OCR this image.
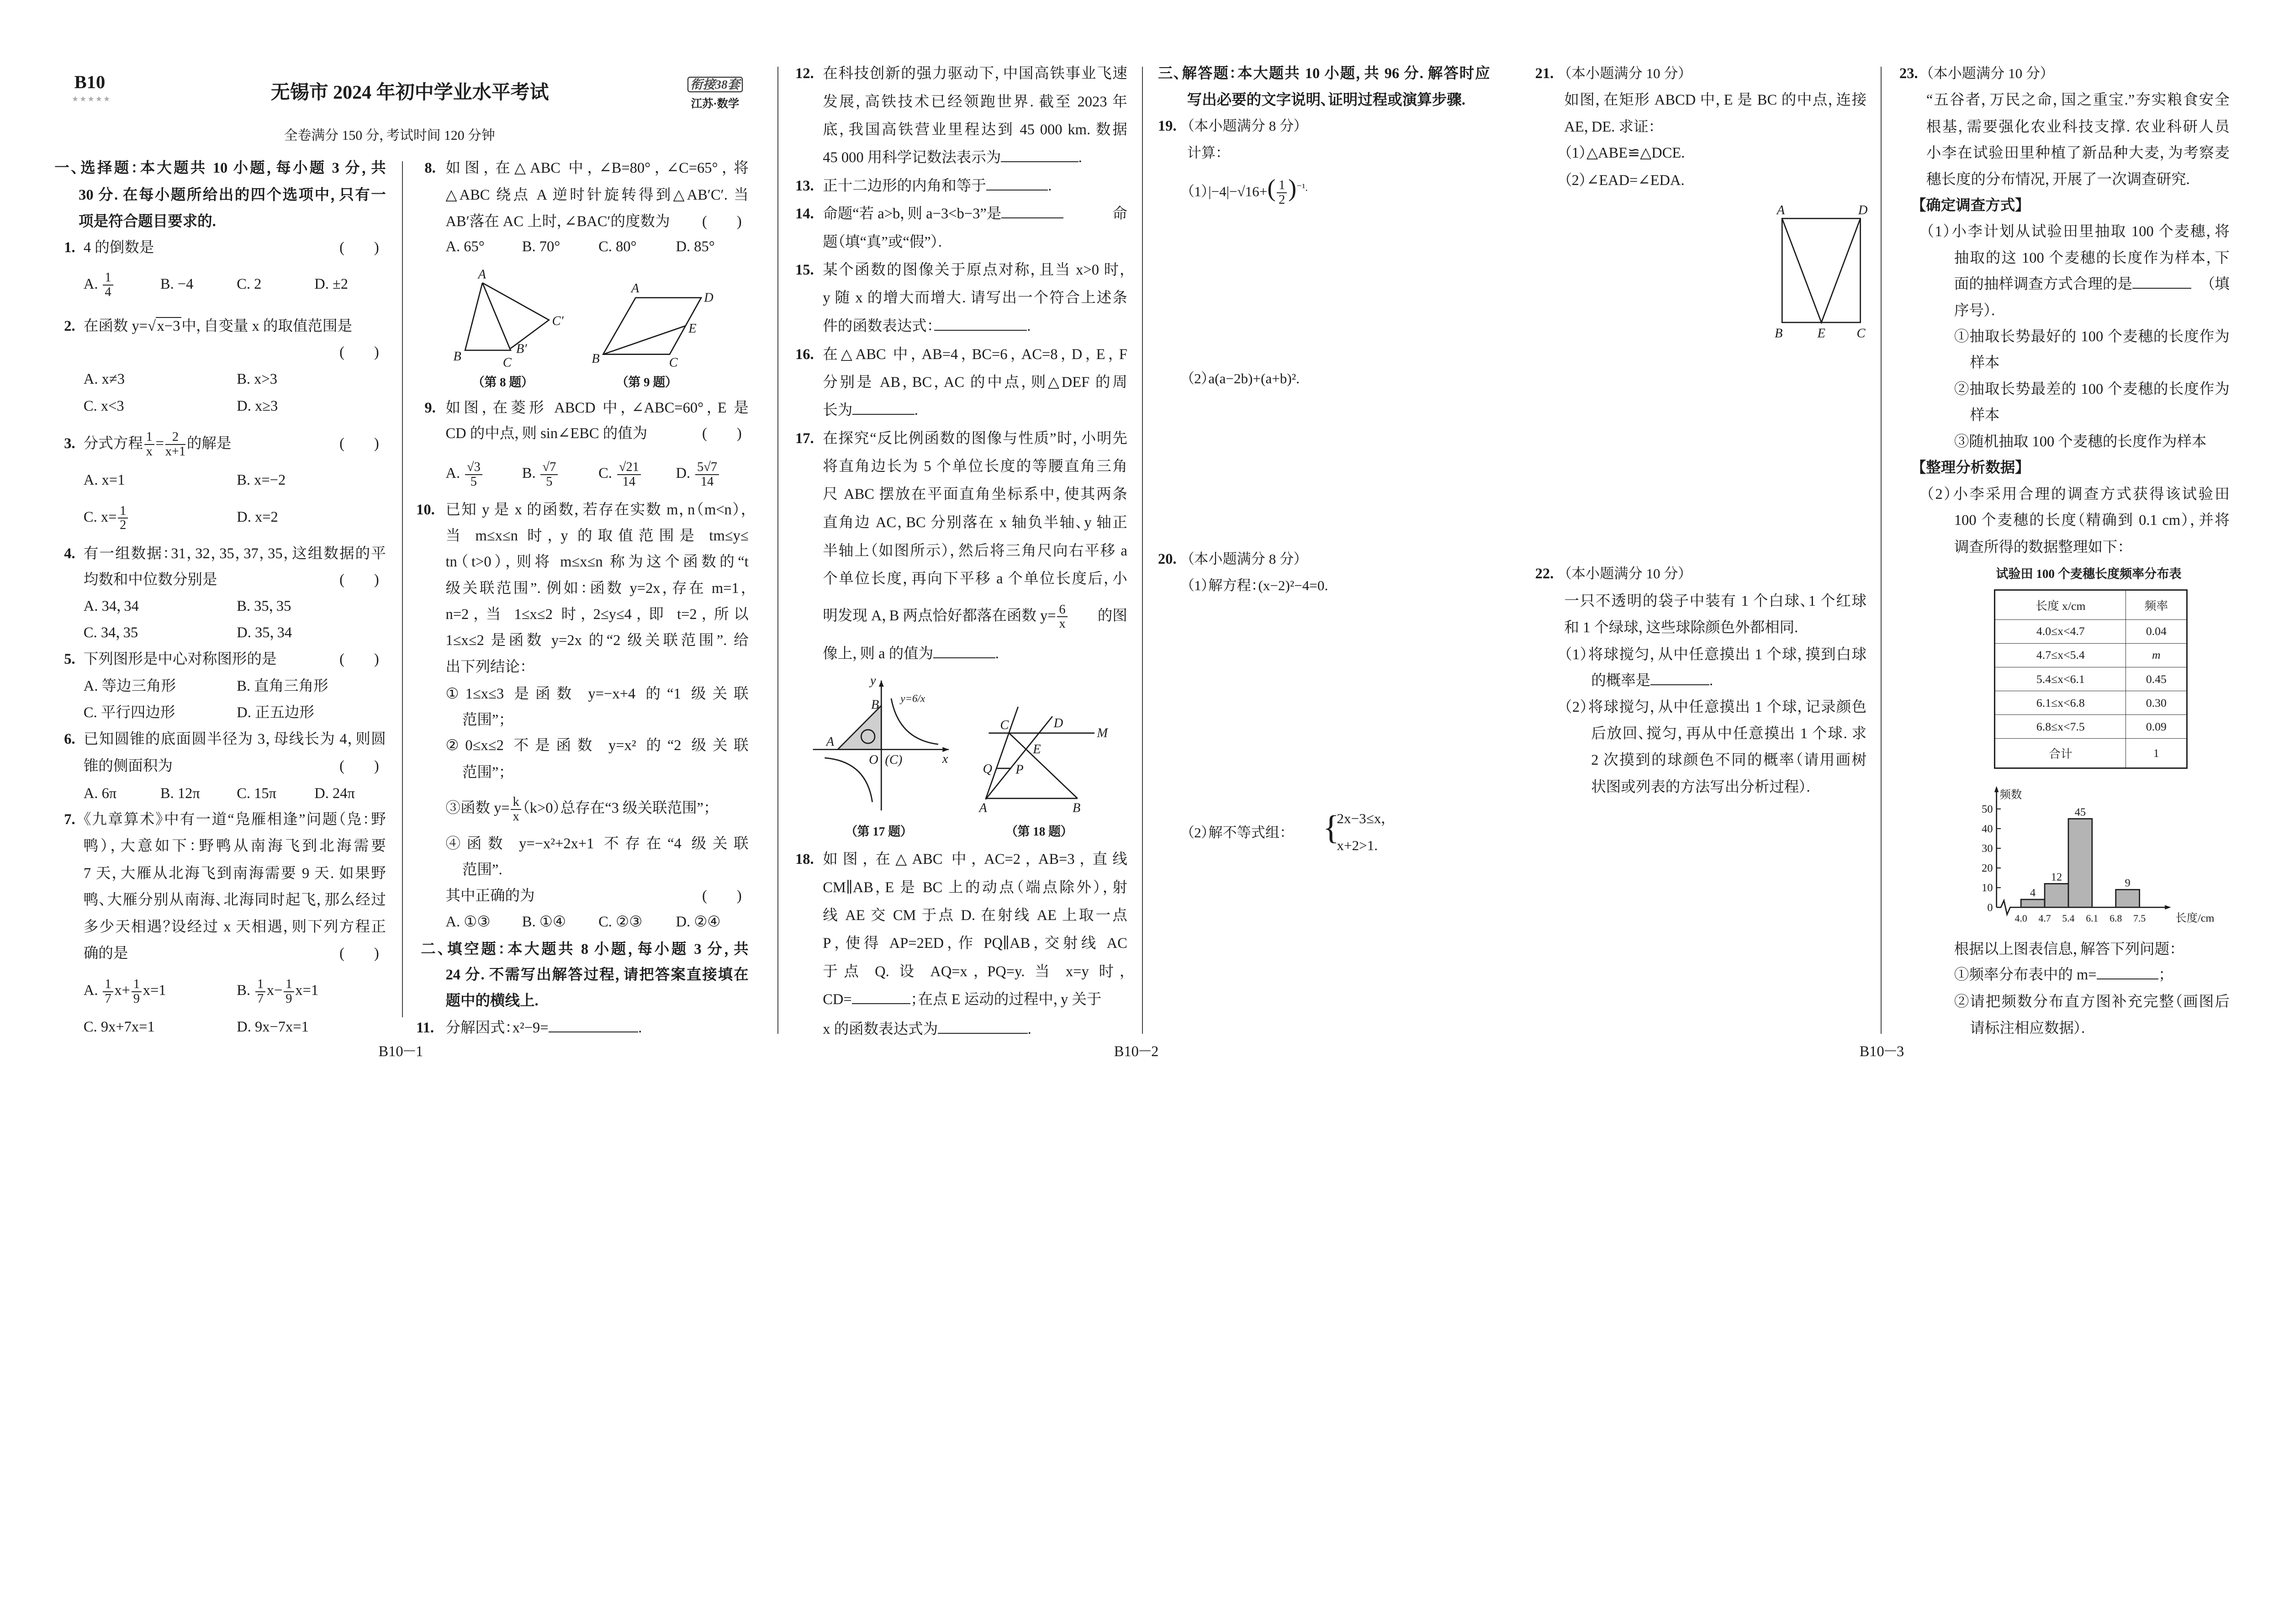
B10
★★★★★	无锡市 2024 年初中学业水平考试	衔接38套
江苏·数学
全卷满分 150 分，考试时间 120 分钟
一、选择题：本大题共 10 小题，每小题 3 分，共
30 分. 在每小题所给出的四个选项中，只有一
项是符合题目要求的.
1. 4 的倒数是	(        )
A. $\frac{1}{4}$	B. −4	C. 2	D. ±2
2. 在函数 y=√x−3中，自变量 x 的取值范围是
(        )
A. x≠3	B. x>3
C. x<3	D. x≥3
3. 分式方程 $\frac{1}{x} = \frac{2}{x+1}$ 的解是	(        )
A. x=1	B. x=−2
C. $x= \frac{1}{2}$	D. x=2
4. 有一组数据：31，32，35，37，35，这组数据的平
均数和中位数分别是	(        )
A. 34，34	B. 35，35
C. 34，35	D. 35，34
5. 下列图形是中心对称图形的是	(        )
A. 等边三角形	B. 直角三角形
C. 平行四边形	D. 正五边形
6. 已知圆锥的底面圆半径为 3，母线长为 4，则圆
锥的侧面积为	(        )
A. 6π	B. 12π C. 15π	D. 24π
7. 《九章算术》中有一道“凫雁相逢”问题（凫：野
鸭），大意如下：野鸭从南海飞到北海需要
7 天，大雁从北海飞到南海需要 9 天. 如果野
鸭、大雁分别从南海、北海同时起飞，那么经过
多少天相遇？设经过 x 天相遇，则下列方程正
确的是	(        )
A. $\frac{1}{7} x+ \frac{1}{9} x=1$	B. $\frac{1}{7} x- \frac{1}{9} x=1$
C. 9x+7x=1	D. 9x−7x=1
8. 如图，在△ABC 中，∠B=80°，∠C=65°，将
△ABC 绕点 A 逆时针旋转得到△AB′C′. 当
AB′落在 AC 上时，∠BAC′的度数为 (        )
A. 65°	B. 70°	C. 80°	D. 85°
9. 如图，在菱形 ABCD 中，∠ABC=60°，E 是
CD 的中点，则 sin∠EBC 的值为	(        )
A. $\frac{√3}{5}$	B. $\frac{√7}{5}$	C. $\frac{√21}{14} D$. $\frac{5√7}{14}$
10. 已知 y 是 x 的函数，若存在实数 m，n（m<n），
当 m≤x≤n 时，y 的取值范围是 tm≤y≤
tn（t>0），则将 m≤x≤n 称为这个函数的“t
级关联范围”. 例如：函数 y=2x，存在 m=1，
n=2，当 1≤x≤2 时，2≤y≤4，即 t=2，所以
1≤x≤2 是函数 y=2x 的“2 级关联范围”. 给
出下列结论：
①1≤x≤3 是函数 y=−x+4 的“1 级关联
范围”；
②0≤x≤2 不是函数 y=x² 的“2 级关联
范围”；
③函数 $y= \frac{k}{x} (k>0)$总存在“3 级关联范围”；
④函数 y=−x²+2x+1 不存在“4 级关联
范围”.
其中正确的为	(        )
A. ①③ B. ①④ C. ②③ D. ②④
二、填空题：本大题共 8 小题，每小题 3 分，共
24 分. 不需写出解答过程，请把答案直接填在
题中的横线上.
11. 分解因式：x²−9=	.
12. 在科技创新的强力驱动下，中国高铁事业飞速
发展，高铁技术已经领跑世界. 截至 2023 年
底，我国高铁营业里程达到 45 000 km. 数据
45 000 用科学记数法表示为	.
13. 正十二边形的内角和等于	.
14. 命题“若 a>b，则 a−3<b−3”是	命
题（填“真”或“假”）.
15. 某个函数的图像关于原点对称，且当 x>0 时，
y 随 x 的增大而增大. 请写出一个符合上述条
件的函数表达式：	.
16. 在△ABC 中，AB=4，BC=6，AC=8，D，E，F
分别是 AB，BC，AC 的中点，则△DEF 的周
长为	.
17. 在探究“反比例函数的图像与性质”时，小明先
将直角边长为 5 个单位长度的等腰直角三角
尺 ABC 摆放在平面直角坐标系中，使其两条
直角边 AC，BC 分别落在 x 轴负半轴、y 轴正
半轴上（如图所示），然后将三角尺向右平移 a
个单位长度，再向下平移 a 个单位长度后，小
明发现 A，B 两点恰好都落在函数 $y= \frac{6}{x}$ 的图
像上，则 a 的值为	.
18. 如图，在△ABC 中，AC=2，AB=3，直线
CM∥AB，E 是 BC 上的动点（端点除外），射
线 AE 交 CM 于点 D. 在射线 AE 上取一点
P，使得 AP=2ED，作 PQ∥AB，交射线 AC
于点 Q. 设 AQ=x，PQ=y. 当 x=y 时，
CD=	；在点 E 运动的过程中，y 关于
x 的函数表达式为	.
三、解答题：本大题共 10 小题，共 96 分. 解答时应
写出必要的文字说明、证明过程或演算步骤.
19. （本小题满分 8 分）
计算：
$(1)|-4|-√16+( \frac{1}{2} )^{^{-1}.}$
（2）a(a−2b)+(a+b)².
20. （本小题满分 8 分）
（1）解方程：(x−2)²−4=0.
（2）解不等式组： {
2x−3≤x，
x+2>1.
21. （本小题满分 10 分）
如图，在矩形 ABCD 中，E 是 BC 的中点，连接
AE，DE. 求证：
（1）△ABE≌△DCE.
（2）∠EAD=∠EDA.
22. （本小题满分 10 分）
一只不透明的袋子中装有 1 个白球、1 个红球
和 1 个绿球，这些球除颜色外都相同.
（1）将球搅匀，从中任意摸出 1 个球，摸到白球
的概率是	.
（2）将球搅匀，从中任意摸出 1 个球，记录颜色
后放回、搅匀，再从中任意摸出 1 个球. 求
2 次摸到的球颜色不同的概率（请用画树
状图或列表的方法写出分析过程）.
23. （本小题满分 10 分）
“五谷者，万民之命，国之重宝.”夯实粮食安全
根基，需要强化农业科技支撑. 农业科研人员
小李在试验田里种植了新品种大麦，为考察麦
穗长度的分布情况，开展了一次调查研究.
【确定调查方式】
（1）小李计划从试验田里抽取 100 个麦穗，将
抽取的这 100 个麦穗的长度作为样本，下
面的抽样调查方式合理的是	（填
序号）.
①抽取长势最好的 100 个麦穗的长度作为
样本
②抽取长势最差的 100 个麦穗的长度作为
样本
③随机抽取 100 个麦穗的长度作为样本
【整理分析数据】
（2）小李采用合理的调查方式获得该试验田
100 个麦穗的长度（精确到 0.1 cm），并将
调查所得的数据整理如下：
试验田 100 个麦穗长度频率分布表
长度 x/cm	频率
4.0≤x<4.7	0.04
4.7≤x<5.4	m
5.4≤x<6.1	0.45
6.1≤x<6.8	0.30
6.8≤x<7.5	0.09
合计	1
根据以上图表信息，解答下列问题：
①频率分布表中的 m=	；
②请把频数分布直方图补充完整（画图后
请标注相应数据）.
B10－1	B10－2	B10－3
A
B C
B′
C′
（第 8 题）
A
D
E
B	C
（第 9 题）
y
B y=6/x
A
O (C) x
（第 17 题）
C D
M
E
Q P
A	B
（第 18 题）
A	D
B E C
频数
长度/cm
0
10
20
30
40
50
4.0 4.7 5.4 6.1 6.8 7.5
4
12
45
9
